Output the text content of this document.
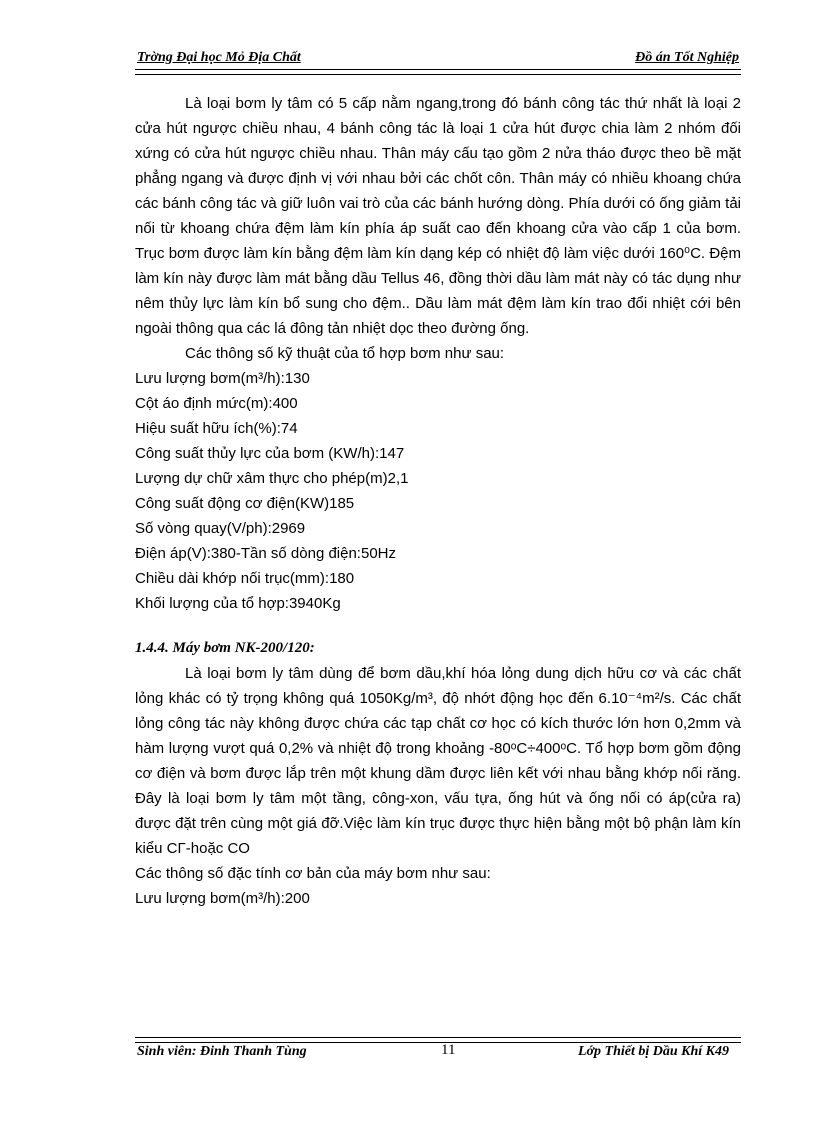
Trờng Đại học Mỏ Địa Chất	Đồ án Tốt Nghiệp

Là loại bơm ly tâm có 5 cấp nằm ngang,trong đó bánh công tác thứ nhất là loại 2 cửa hút ngược chiều nhau, 4 bánh công tác là loại 1 cửa hút được chia làm 2 nhóm đối xứng có cửa hút ngược chiều nhau. Thân máy cấu tạo gồm 2 nửa tháo được theo bề mặt phẳng ngang và được định vị với nhau bởi các chốt côn. Thân máy có nhiều khoang chứa các bánh công tác và giữ luôn vai trò của các bánh hướng dòng. Phía dưới có ống giảm tải nối từ khoang chứa đệm làm kín phía áp suất cao đến khoang cửa vào cấp 1 của bơm. Trục bơm được làm kín bằng đệm làm kín dạng kép có nhiệt độ làm việc dưới 160⁰C. Đệm làm kín này được làm mát bằng dầu Tellus 46, đồng thời dầu làm mát này có tác dụng như nêm thủy lực làm kín bổ sung cho đệm.. Dầu làm mát đệm làm kín trao đổi nhiệt cới bên ngoài thông qua các lá đông tản nhiệt dọc theo đường ống.

Các thông số kỹ thuật của tổ hợp bơm như sau:

Lưu lượng bơm(m³/h):130

Cột áo định mức(m):400

Hiệu suất hữu ích(%):74

Công suất thủy lực của bơm (KW/h):147

Lượng dự chữ xâm thực cho phép(m)2,1

Công suất động cơ điện(KW)185

Số vòng quay(V/ph):2969

Điện áp(V):380-Tần số dòng điện:50Hz

Chiều dài khớp nối trục(mm):180

Khối lượng của tổ hợp:3940Kg

1.4.4. Máy bơm NK-200/120:

Là loại bơm ly tâm dùng để bơm dầu,khí hóa lỏng dung dịch hữu cơ và các chất lỏng khác có tỷ trọng không quá 1050Kg/m³, độ nhớt động học đến 6.10⁻⁴m²/s. Các chất lỏng công tác này không được chứa các tạp chất cơ học có kích thước lớn hơn 0,2mm và hàm lượng vượt quá 0,2% và nhiệt độ trong khoảng -80ᵒC÷400ᵒC. Tổ hợp bơm gồm động cơ điện và bơm được lắp trên một khung dầm được liên kết với nhau bằng khớp nối răng. Đây là loại bơm ly tâm một tầng, công-xon, vấu tựa, ống hút và ống nối có áp(cửa ra) được đặt trên cùng một giá đỡ.Việc làm kín trục được thực hiện bằng một bộ phận làm kín kiểu CΓ-hoặc CO

Các thông số đặc tính cơ bản của máy bơm như sau:

Lưu lượng bơm(m³/h):200

Sinh viên: Đinh Thanh Tùng	11	Lớp Thiết bị Dầu Khí K49
